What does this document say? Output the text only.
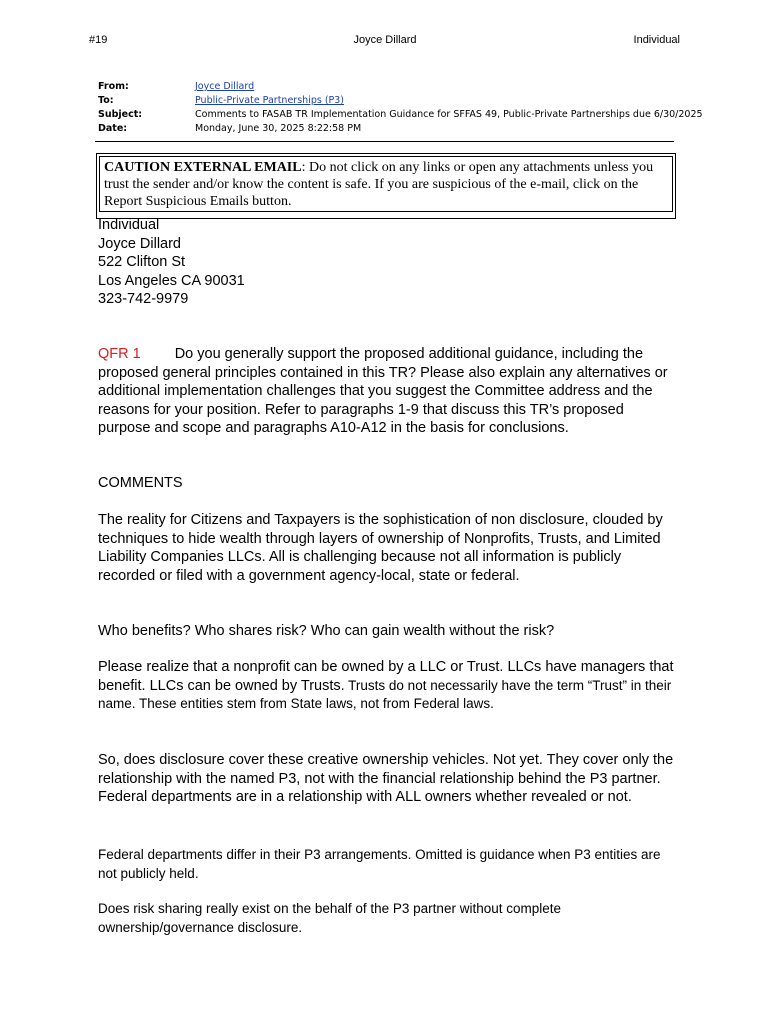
#19	Joyce Dillard	Individual
From:	Joyce Dillard
To:	Public-Private Partnerships (P3)
Subject:	Comments to FASAB TR Implementation Guidance for SFFAS 49, Public-Private Partnerships due 6/30/2025
Date:	Monday, June 30, 2025 8:22:58 PM
CAUTION EXTERNAL EMAIL: Do not click on any links or open any attachments unless you trust the sender and/or know the content is safe. If you are suspicious of the e-mail, click on the Report Suspicious Emails button.
Individual
Joyce Dillard
522 Clifton St
Los Angeles CA 90031
323-742-9979
QFR 1 Do you generally support the proposed additional guidance, including the proposed general principles contained in this TR? Please also explain any alternatives or additional implementation challenges that you suggest the Committee address and the reasons for your position. Refer to paragraphs 1-9 that discuss this TR’s proposed purpose and scope and paragraphs A10-A12 in the basis for conclusions.
COMMENTS
The reality for Citizens and Taxpayers is the sophistication of non disclosure, clouded by techniques to hide wealth through layers of ownership of Nonprofits, Trusts, and Limited Liability Companies LLCs. All is challenging because not all information is publicly recorded or filed with a government agency-local, state or federal.
Who benefits? Who shares risk? Who can gain wealth without the risk?
Please realize that a nonprofit can be owned by a LLC or Trust. LLCs have managers that benefit. LLCs can be owned by Trusts. Trusts do not necessarily have the term “Trust” in their name. These entities stem from State laws, not from Federal laws.
So, does disclosure cover these creative ownership vehicles. Not yet. They cover only the relationship with the named P3, not with the financial relationship behind the P3 partner. Federal departments are in a relationship with ALL owners whether revealed or not.
Federal departments differ in their P3 arrangements. Omitted is guidance when P3 entities are not publicly held.
Does risk sharing really exist on the behalf of the P3 partner without complete ownership/governance disclosure.
